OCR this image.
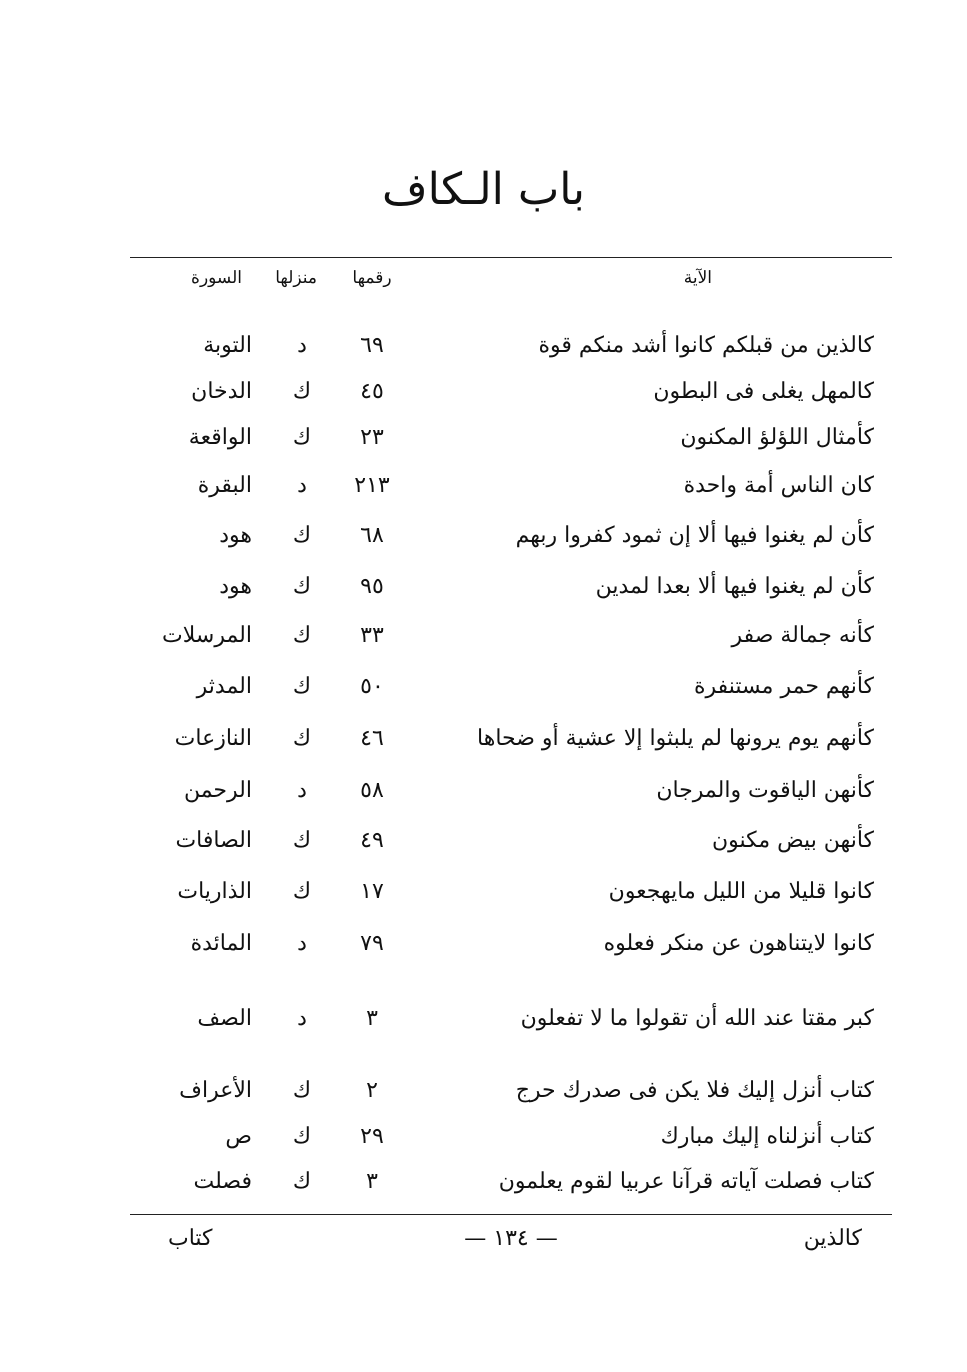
باب الـكاف
الآية
رقمها
منزلها
السورة
كالذين من قبلكم كانوا أشد منكم قوة
٦٩
د
التوبة
كالمهل يغلى فى البطون
٤٥
ك
الدخان
كأمثال اللؤلؤ المكنون
٢٣
ك
الواقعة
كان الناس أمة واحدة
٢١٣
د
البقرة
كأن لم يغنوا فيها ألا إن ثمود كفروا ربهم
٦٨
ك
هود
كأن لم يغنوا فيها ألا بعدا لمدين
٩٥
ك
هود
كأنه جمالة صفر
٣٣
ك
المرسلات
كأنهم حمر مستنفرة
٥٠
ك
المدثر
كأنهم يوم يرونها لم يلبثوا إلا عشية أو ضحاها
٤٦
ك
النازعات
كأنهن الياقوت والمرجان
٥٨
د
الرحمن
كأنهن بيض مكنون
٤٩
ك
الصافات
كانوا قليلا من الليل مايهجعون
١٧
ك
الذاريات
كانوا لايتناهون عن منكر فعلوه
٧٩
د
المائدة
كبر مقتا عند الله أن تقولوا ما لا تفعلون
٣
د
الصف
كتاب أنزل إليك فلا يكن فى صدرك حرج
٢
ك
الأعراف
كتاب أنزلناه إليك مبارك
٢٩
ك
ص
كتاب فصلت آياته قرآنا عربيا لقوم يعلمون
٣
ك
فصلت
كالذين
— ١٣٤ —
كتاب
